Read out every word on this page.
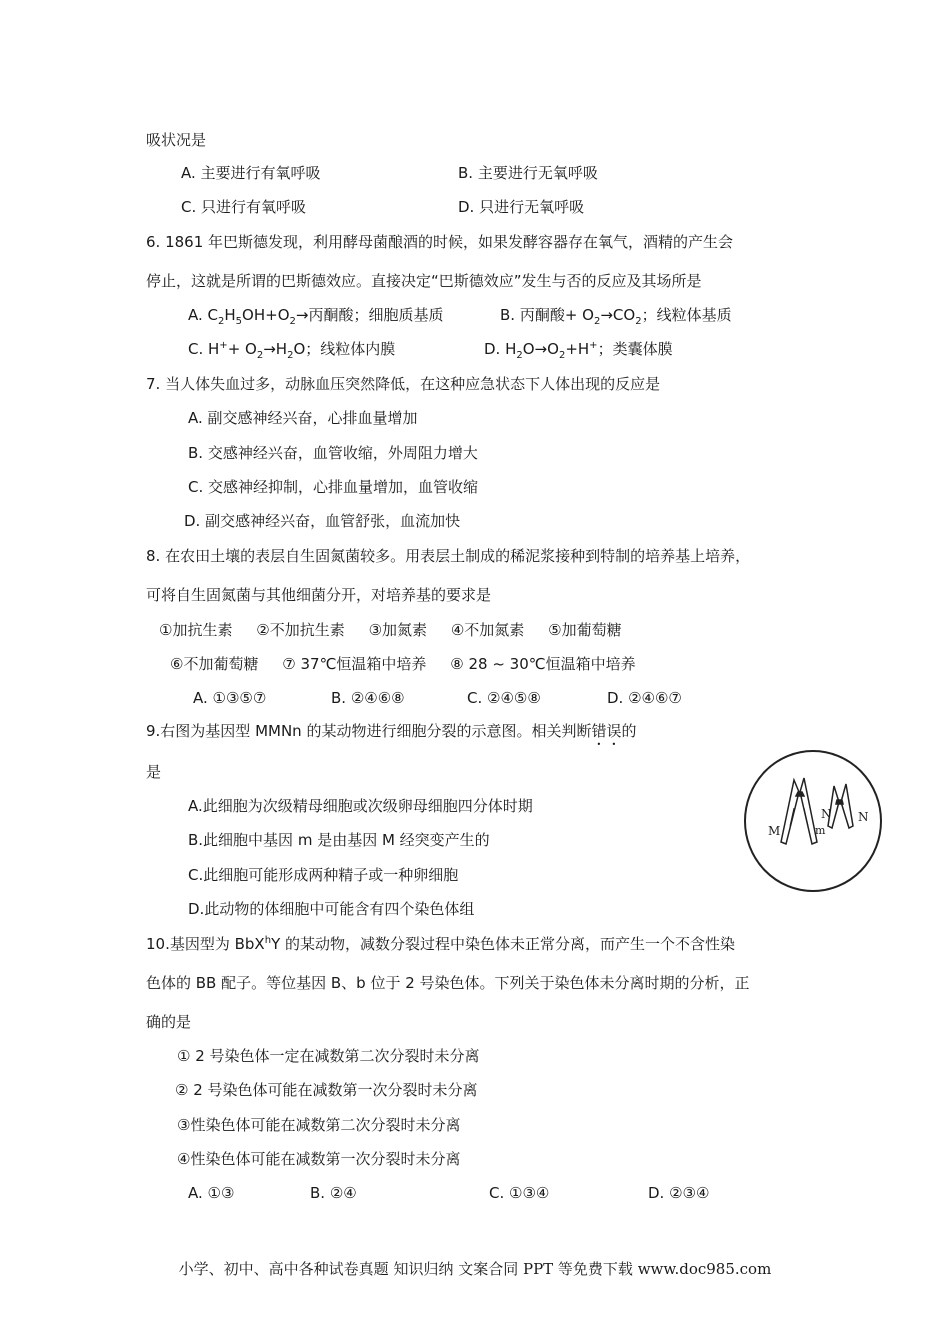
吸状况是
A. 主要进行有氧呼吸	B. 主要进行无氧呼吸
C. 只进行有氧呼吸	D. 只进行无氧呼吸
6. 1861 年巴斯德发现，利用酵母菌酿酒的时候，如果发酵容器存在氧气，酒精的产生会
停止，这就是所谓的巴斯德效应。直接决定“巴斯德效应”发生与否的反应及其场所是
A. $C_2H_5OH+O_2\to$丙酮酸；细胞质基质	B. 丙酮酸+ $O_2\to CO_2$；线粒体基质
C. $H^++ O_2\to H_2O$；线粒体内膜	D. $H_2O\to O_2+H^+$；类囊体膜
7. 当人体失血过多，动脉血压突然降低，在这种应急状态下人体出现的反应是
A. 副交感神经兴奋，心排血量增加
B. 交感神经兴奋，血管收缩，外周阻力增大
C. 交感神经抑制，心排血量增加，血管收缩
D. 副交感神经兴奋，血管舒张，血流加快
8. 在农田土壤的表层自生固氮菌较多。用表层土制成的稀泥浆接种到特制的培养基上培养，
可将自生固氮菌与其他细菌分开，对培养基的要求是
①加抗生素     ②不加抗生素     ③加氮素     ④不加氮素     ⑤加葡萄糖
⑥不加葡萄糖     ⑦ 37℃恒温箱中培养     ⑧ 28 ~ 30℃恒温箱中培养
A. ①③⑤⑦	B. ②④⑥⑧	C. ②④⑤⑧	D. ②④⑥⑦
9.右图为基因型 MMNn 的某动物进行细胞分裂的示意图。相关判断错误的
是
A.此细胞为次级精母细胞或次级卵母细胞四分体时期
B.此细胞中基因 m 是由基因 M 经突变产生的
C.此细胞可能形成两种精子或一种卵细胞
D.此动物的体细胞中可能含有四个染色体组
M	m
N N
10.基因型为 BbX$^h$Y 的某动物，减数分裂过程中染色体未正常分离，而产生一个不含性染
色体的 BB 配子。等位基因 B、b 位于 2 号染色体。下列关于染色体未分离时期的分析，正
确的是
① 2 号染色体一定在减数第二次分裂时未分离
② 2 号染色体可能在减数第一次分裂时未分离
③性染色体可能在减数第二次分裂时未分离
④性染色体可能在减数第一次分裂时未分离
A. ①③	B. ②④	C. ①③④	D. ②③④
小学、初中、高中各种试卷真题 知识归纳 文案合同 PPT 等免费下载 www.doc985.com
